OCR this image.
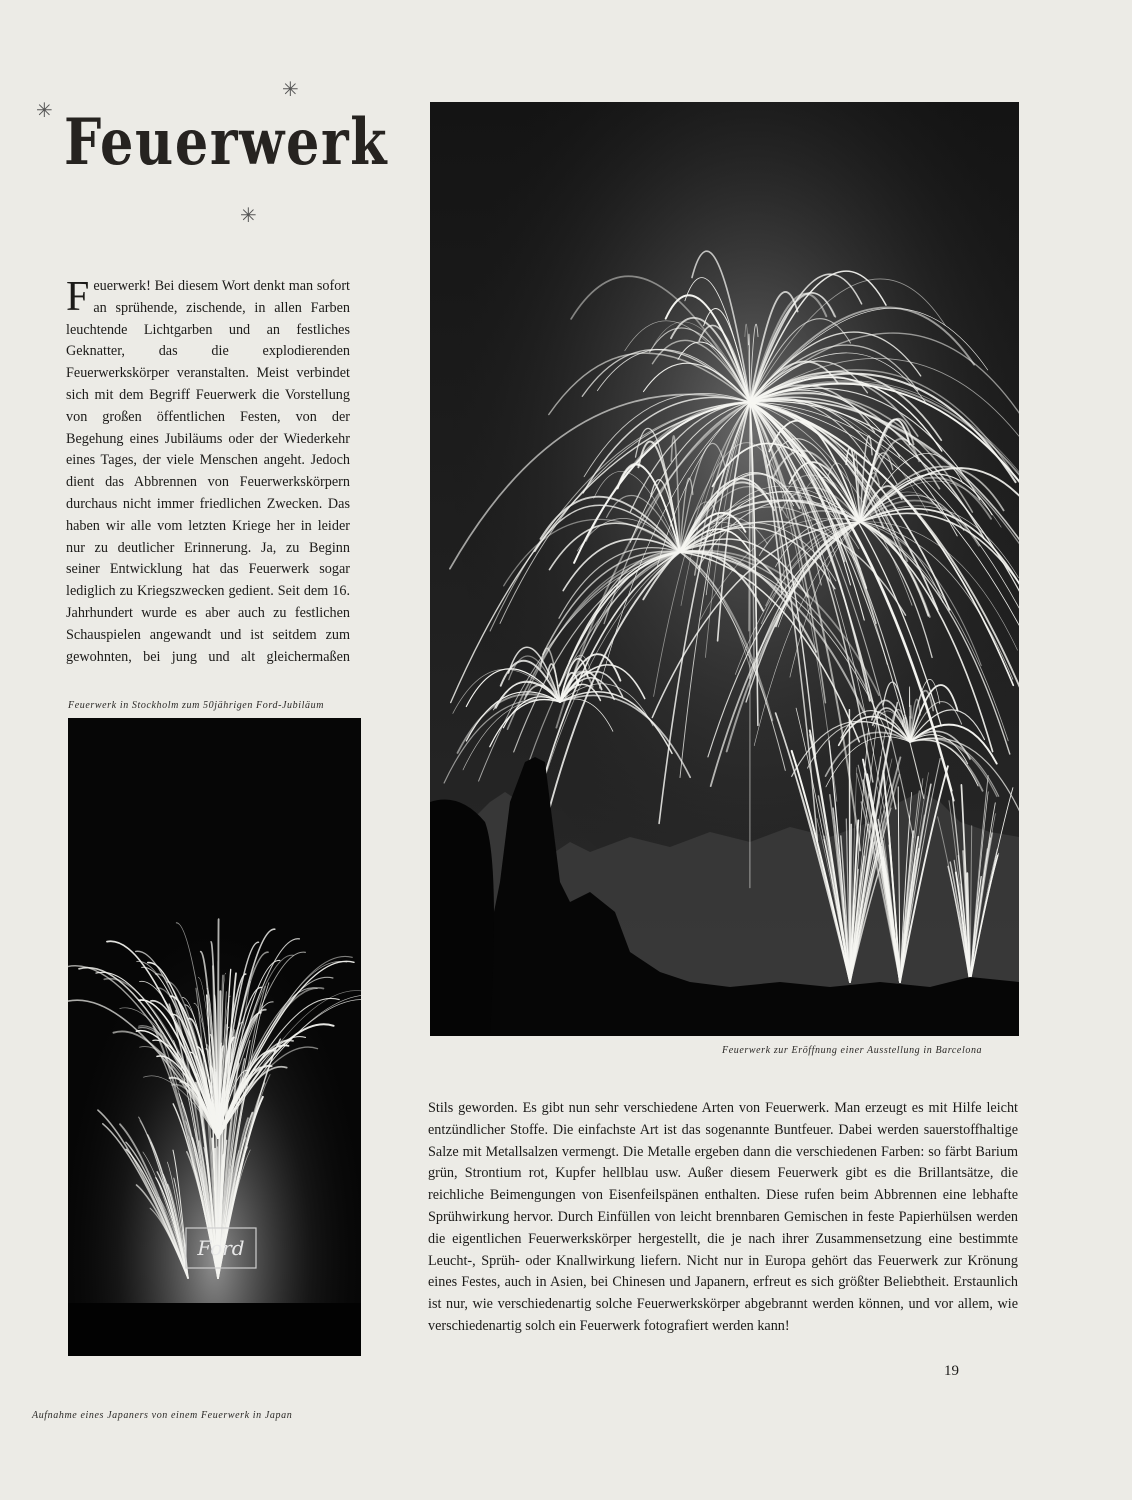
✳
✳
✳
Feuerwerk

Feuerwerk! Bei diesem Wort denkt man sofort an sprühende, zischende, in allen Farben leuchtende Lichtgarben und an festliches Geknatter, das die explodierenden Feuerwerkskörper veranstalten. Meist verbindet sich mit dem Begriff Feuerwerk die Vorstellung von großen öffentlichen Festen, von der Begehung eines Jubiläums oder der Wiederkehr eines Tages, der viele Menschen angeht. Jedoch dient das Abbrennen von Feuerwerkskörpern durchaus nicht immer friedlichen Zwecken. Das haben wir alle vom letzten Kriege her in leider nur zu deutlicher Erinnerung. Ja, zu Beginn seiner Entwicklung hat das Feuerwerk sogar lediglich zu Kriegszwecken gedient. Seit dem 16. Jahrhundert wurde es aber auch zu festlichen Schauspielen angewandt und ist seitdem zum gewohnten, bei jung und alt gleichermaßen

Feuerwerk in Stockholm zum 50jährigen Ford-Jubiläum

Ford

Feuerwerk zur Eröffnung einer Ausstellung in Barcelona

Stils geworden. Es gibt nun sehr verschiedene Arten von Feuerwerk. Man erzeugt es mit Hilfe leicht entzündlicher Stoffe. Die einfachste Art ist das sogenannte Buntfeuer. Dabei werden sauerstoffhaltige Salze mit Metallsalzen vermengt. Die Metalle ergeben dann die verschiedenen Farben: so färbt Barium grün, Strontium rot, Kupfer hellblau usw. Außer diesem Feuerwerk gibt es die Brillantsätze, die reichliche Beimengungen von Eisenfeilspänen enthalten. Diese rufen beim Abbrennen eine lebhafte Sprühwirkung hervor. Durch Einfüllen von leicht brennbaren Gemischen in feste Papierhülsen werden die eigentlichen Feuerwerkskörper hergestellt, die je nach ihrer Zusammensetzung eine bestimmte Leucht-, Sprüh- oder Knallwirkung liefern. Nicht nur in Europa gehört das Feuerwerk zur Krönung eines Festes, auch in Asien, bei Chinesen und Japanern, erfreut es sich größter Beliebtheit. Erstaunlich ist nur, wie verschiedenartig solche Feuerwerkskörper abgebrannt werden können, und vor allem, wie verschiedenartig solch ein Feuerwerk fotografiert werden kann!

19

Aufnahme eines Japaners von einem Feuerwerk in Japan
